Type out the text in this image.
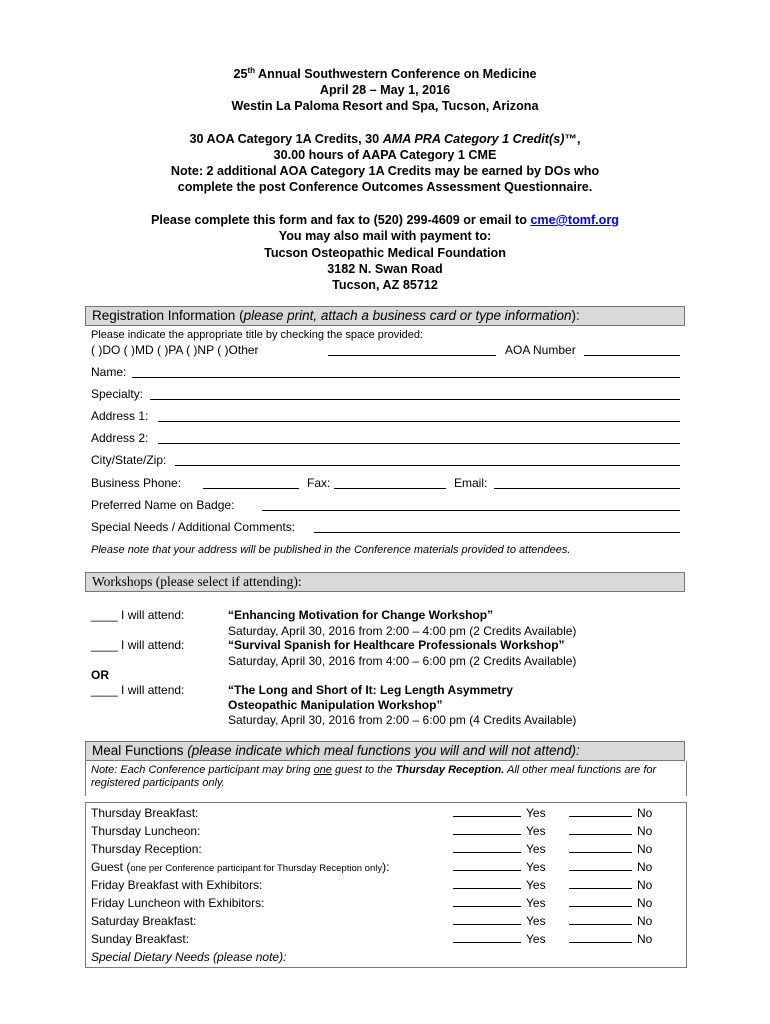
25th Annual Southwestern Conference on Medicine
April 28 – May 1, 2016
Westin La Paloma Resort and Spa, Tucson, Arizona
30 AOA Category 1A Credits, 30 AMA PRA Category 1 Credit(s)™,
30.00 hours of AAPA Category 1 CME
Note: 2 additional AOA Category 1A Credits may be earned by DOs who
complete the post Conference Outcomes Assessment Questionnaire.
Please complete this form and fax to (520) 299-4609 or email to cme@tomf.org
You may also mail with payment to:
Tucson Osteopathic Medical Foundation
3182 N. Swan Road
Tucson, AZ 85712
Registration Information (please print, attach a business card or type information):
Please indicate the appropriate title by checking the space provided:
( )DO ( )MD ( )PA ( )NP ( )Other	AOA Number
Name:
Specialty:
Address 1:
Address 2:
City/State/Zip:
Business Phone:	Fax:	Email:
Preferred Name on Badge:
Special Needs / Additional Comments:
Please note that your address will be published in the Conference materials provided to attendees.
Workshops (please select if attending):
____ I will attend:	“Enhancing Motivation for Change Workshop”
Saturday, April 30, 2016 from 2:00 – 4:00 pm (2 Credits Available)
____ I will attend:	“Survival Spanish for Healthcare Professionals Workshop”
Saturday, April 30, 2016 from 4:00 – 6:00 pm (2 Credits Available)
OR
____ I will attend:	“The Long and Short of It: Leg Length Asymmetry
Osteopathic Manipulation Workshop”
Saturday, April 30, 2016 from 2:00 – 6:00 pm (4 Credits Available)
Meal Functions (please indicate which meal functions you will and will not attend):
Note: Each Conference participant may bring one guest to the Thursday Reception. All other meal functions are for
registered participants only.
Thursday Breakfast:	Yes	No
Thursday Luncheon:	Yes	No
Thursday Reception:	Yes	No
Guest (one per Conference participant for Thursday Reception only):	Yes	No
Friday Breakfast with Exhibitors:	Yes	No
Friday Luncheon with Exhibitors:	Yes	No
Saturday Breakfast:	Yes	No
Sunday Breakfast:	Yes	No
Special Dietary Needs (please note):
